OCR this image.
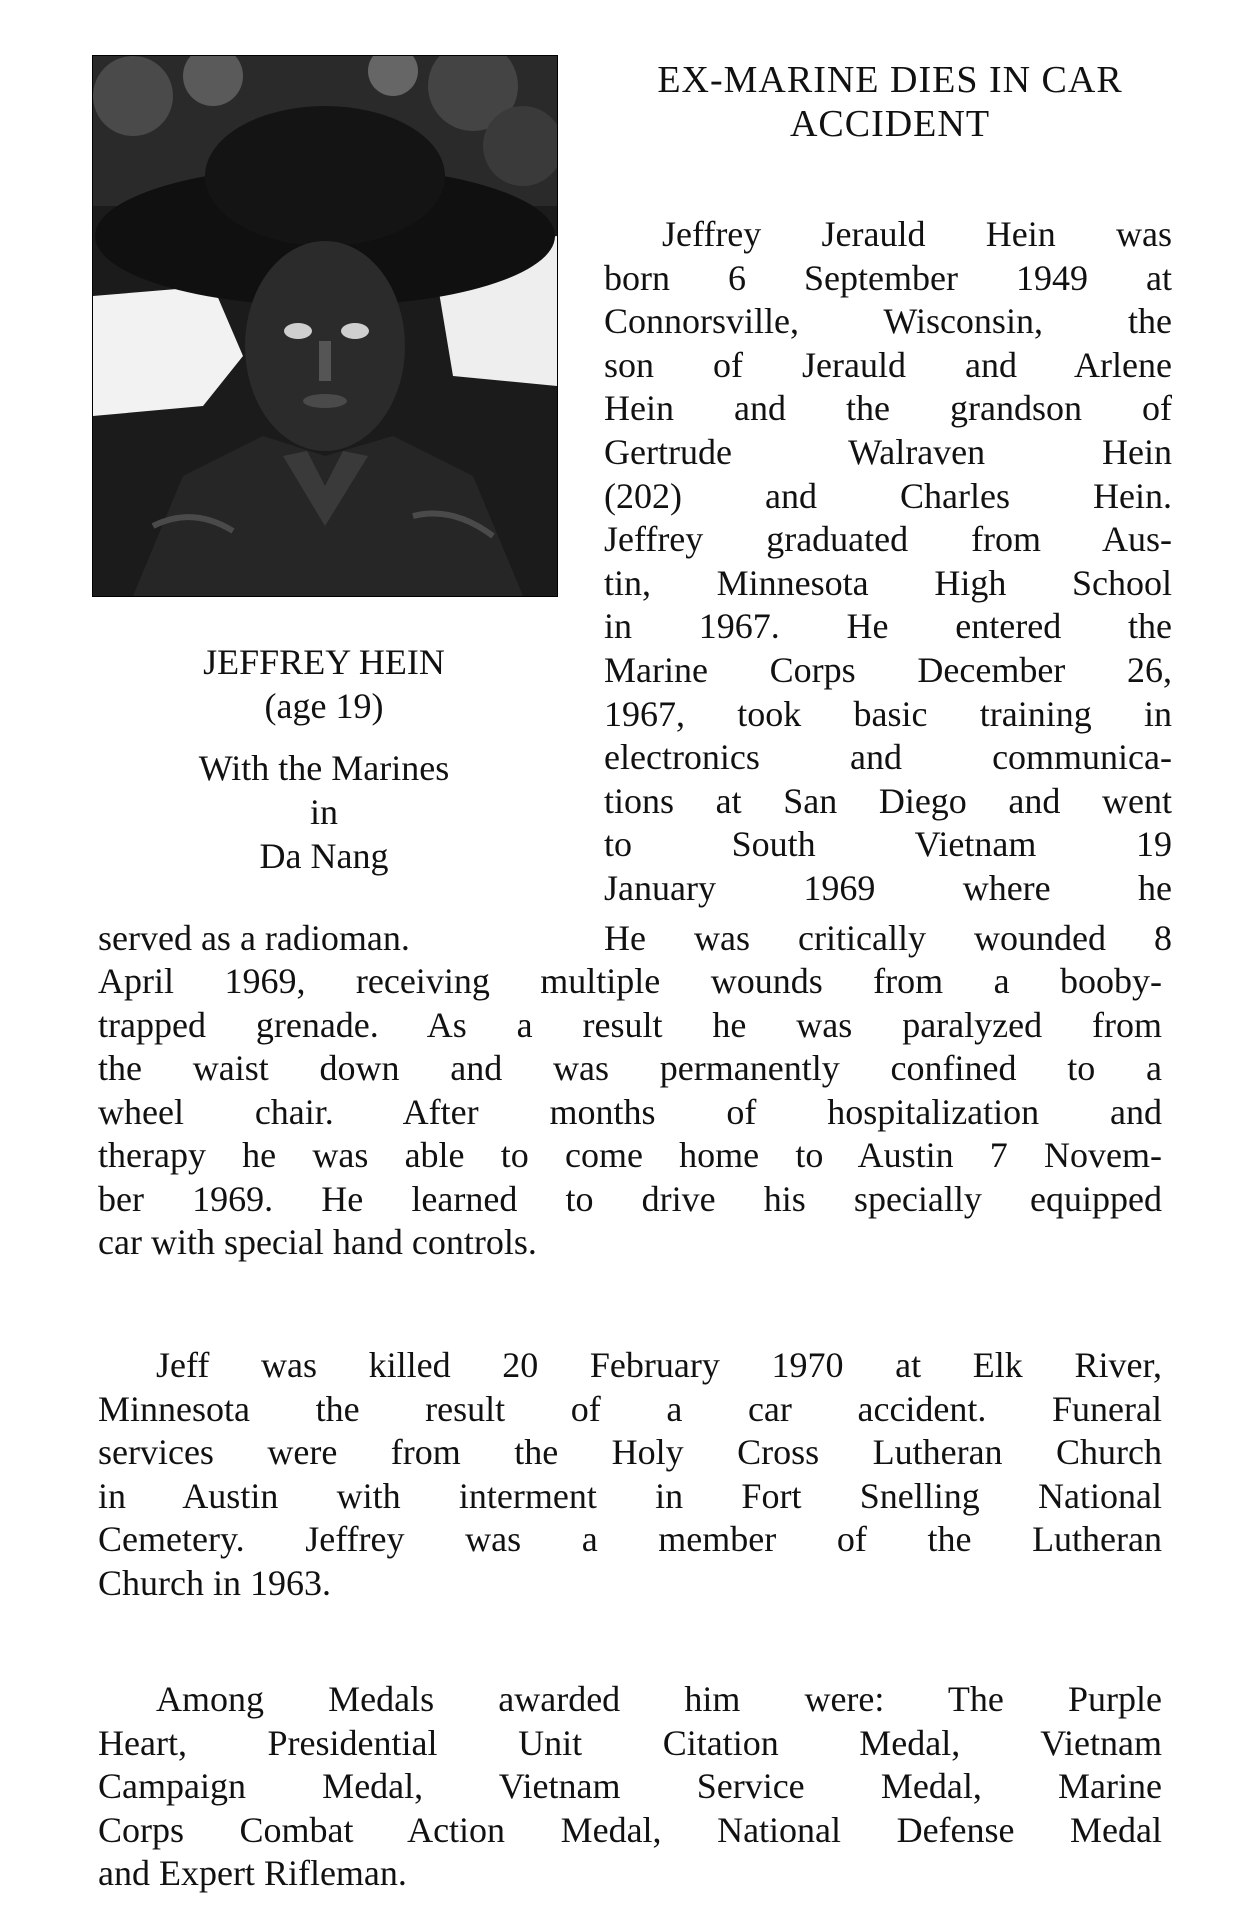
EX-MARINE DIES IN CAR
ACCIDENT
JEFFREY HEIN
(age 19)
With the Marines
in
Da Nang
Jeffrey Jerauld Hein was
born 6 September 1949 at
Connorsville, Wisconsin, the
son of Jerauld and Arlene
Hein and the grandson of
Gertrude Walraven Hein
(202) and Charles Hein.
Jeffrey graduated from Aus-
tin, Minnesota High School
in 1967. He entered the
Marine Corps December 26,
1967, took basic training in
electronics and communica-
tions at San Diego and went
to South Vietnam 19
January 1969 where he
served as a radioman.	He was critically wounded 8
April 1969, receiving multiple wounds from a booby-
trapped grenade. As a result he was paralyzed from
the waist down and was permanently confined to a
wheel chair. After months of hospitalization and
therapy he was able to come home to Austin 7 Novem-
ber 1969. He learned to drive his specially equipped
car with special hand controls.
Jeff was killed 20 February 1970 at Elk River,
Minnesota the result of a car accident. Funeral
services were from the Holy Cross Lutheran Church
in Austin with interment in Fort Snelling National
Cemetery. Jeffrey was a member of the Lutheran
Church in 1963.
Among Medals awarded him were: The Purple
Heart, Presidential Unit Citation Medal, Vietnam
Campaign Medal, Vietnam Service Medal, Marine
Corps Combat Action Medal, National Defense Medal
and Expert Rifleman.
